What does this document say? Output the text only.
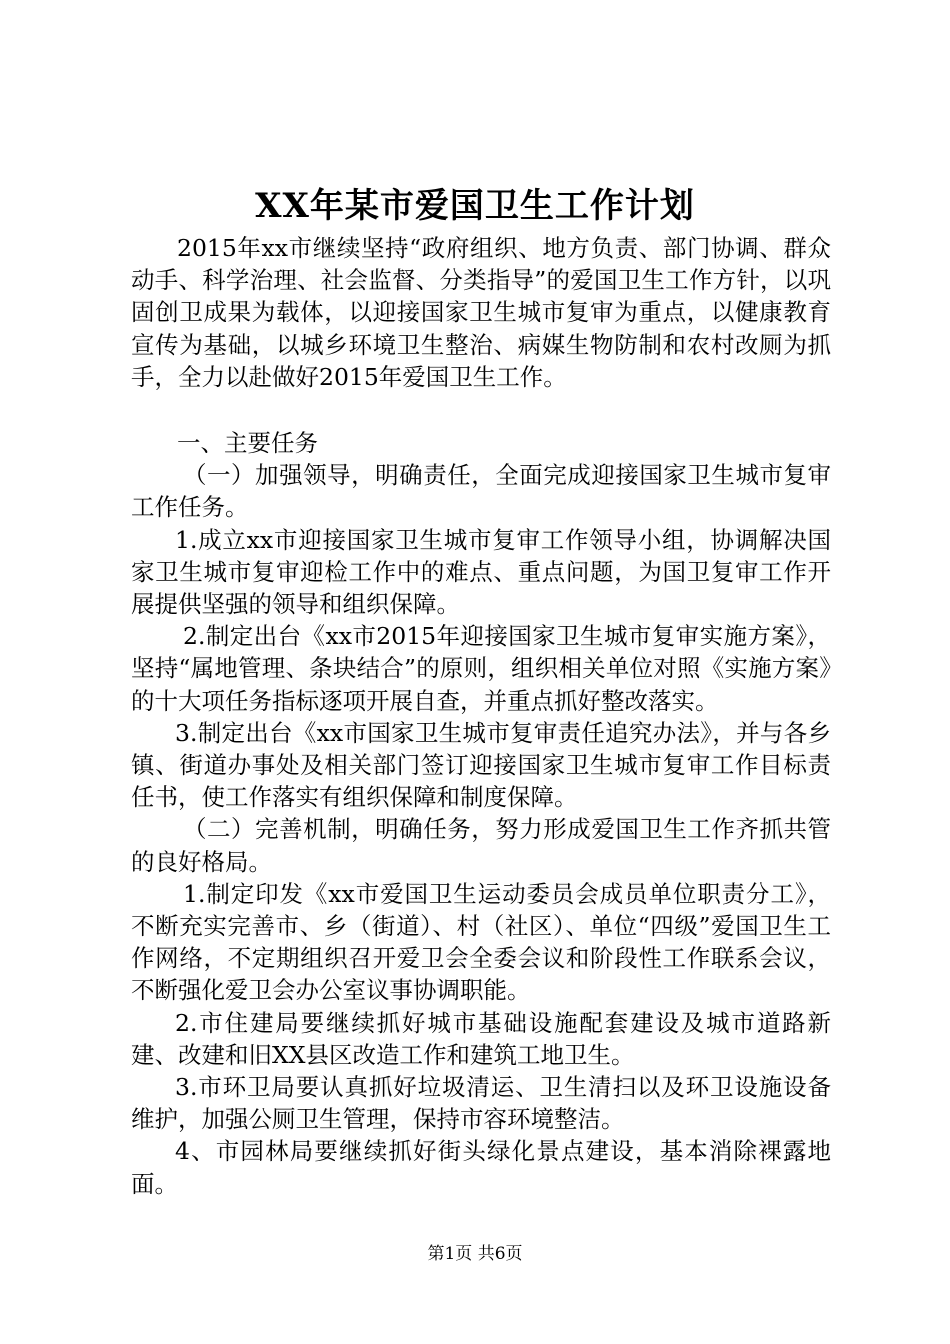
XX年某市爱国卫生工作计划

2015年xx市继续坚持“政府组织、地方负责、部门协调、群众动手、科学治理、社会监督、分类指导”的爱国卫生工作方针，以巩固创卫成果为载体，以迎接国家卫生城市复审为重点，以健康教育宣传为基础，以城乡环境卫生整治、病媒生物防制和农村改厕为抓手，全力以赴做好2015年爱国卫生工作。

一、主要任务

（一）加强领导，明确责任，全面完成迎接国家卫生城市复审工作任务。

1.成立xx市迎接国家卫生城市复审工作领导小组，协调解决国家卫生城市复审迎检工作中的难点、重点问题，为国卫复审工作开展提供坚强的领导和组织保障。

2.制定出台《xx市2015年迎接国家卫生城市复审实施方案》，坚持“属地管理、条块结合”的原则，组织相关单位对照《实施方案》的十大项任务指标逐项开展自查，并重点抓好整改落实。

3.制定出台《xx市国家卫生城市复审责任追究办法》，并与各乡镇、街道办事处及相关部门签订迎接国家卫生城市复审工作目标责任书，使工作落实有组织保障和制度保障。

（二）完善机制，明确任务，努力形成爱国卫生工作齐抓共管的良好格局。

1.制定印发《xx市爱国卫生运动委员会成员单位职责分工》，不断充实完善市、乡（街道）、村（社区）、单位“四级”爱国卫生工作网络，不定期组织召开爱卫会全委会议和阶段性工作联系会议，不断强化爱卫会办公室议事协调职能。

2.市住建局要继续抓好城市基础设施配套建设及城市道路新建、改建和旧XX县区改造工作和建筑工地卫生。

3.市环卫局要认真抓好垃圾清运、卫生清扫以及环卫设施设备维护，加强公厕卫生管理，保持市容环境整洁。

4、市园林局要继续抓好街头绿化景点建设，基本消除裸露地面。

第1页 共6页
